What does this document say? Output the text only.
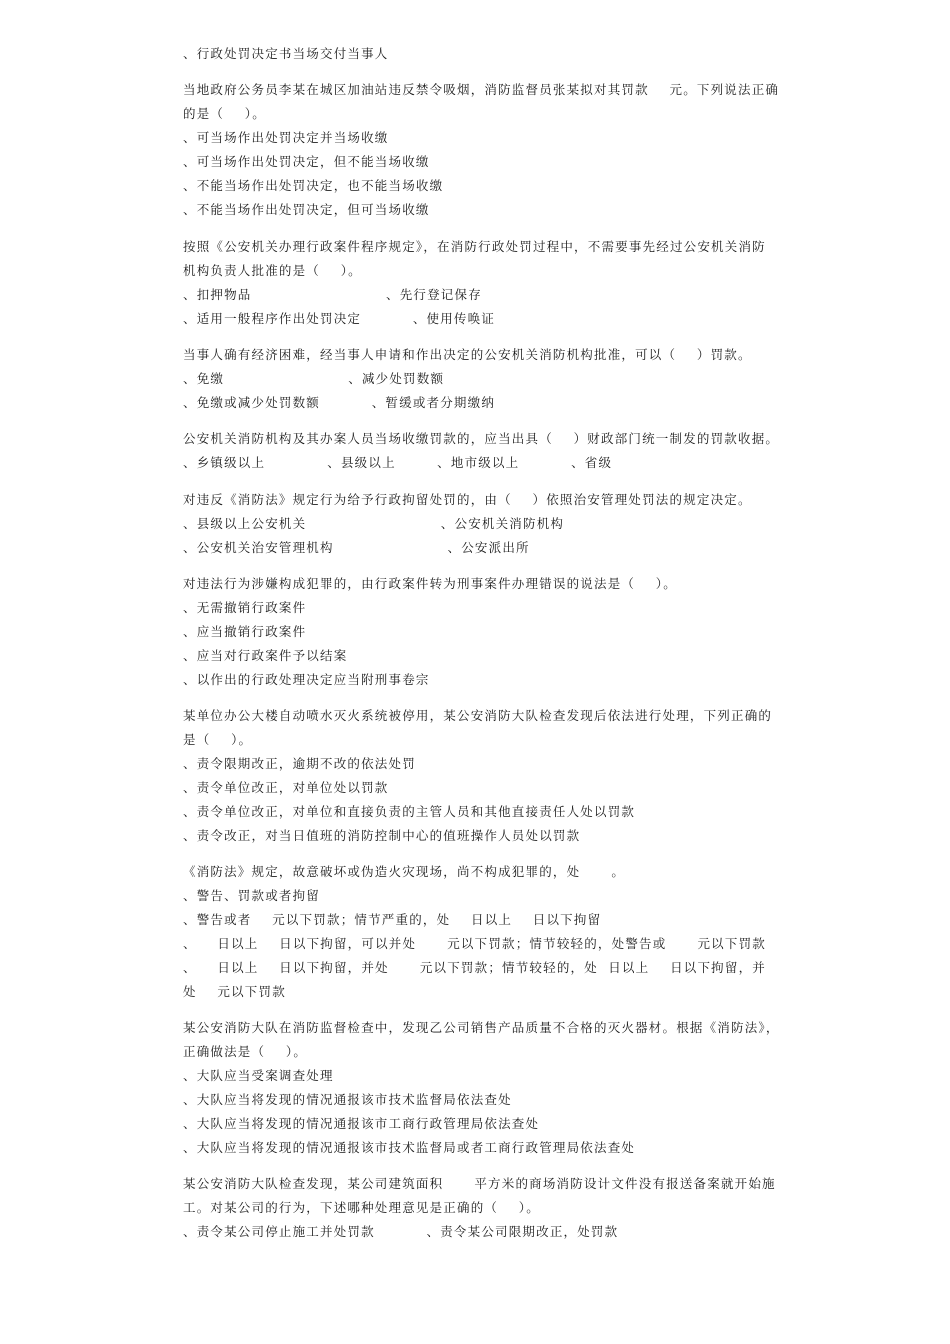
、行政处罚决定书当场交付当事人
当地政府公务员李某在城区加油站违反禁令吸烟，消防监督员张某拟对其罚款    元。下列说法正确
的是（    ）。
、可当场作出处罚决定并当场收缴
、可当场作出处罚决定，但不能当场收缴
、不能当场作出处罚决定，也不能当场收缴
、不能当场作出处罚决定，但可当场收缴
按照《公安机关办理行政案件程序规定》，在消防行政处罚过程中，不需要事先经过公安机关消防
机构负责人批准的是（    ）。
、扣押物品                          、先行登记保存
、适用一般程序作出处罚决定          、使用传唤证
当事人确有经济困难，经当事人申请和作出决定的公安机关消防机构批准，可以（    ）罚款。
、免缴                        、减少处罚数额
、免缴或减少处罚数额          、暂缓或者分期缴纳
公安机关消防机构及其办案人员当场收缴罚款的，应当出具（    ）财政部门统一制发的罚款收据。
、乡镇级以上            、县级以上        、地市级以上          、省级
对违反《消防法》规定行为给予行政拘留处罚的，由（    ）依照治安管理处罚法的规定决定。
、县级以上公安机关                          、公安机关消防机构
、公安机关治安管理机构                      、公安派出所
对违法行为涉嫌构成犯罪的，由行政案件转为刑事案件办理错误的说法是（    ）。
、无需撤销行政案件
、应当撤销行政案件
、应当对行政案件予以结案
、以作出的行政处理决定应当附刑事卷宗
某单位办公大楼自动喷水灭火系统被停用，某公安消防大队检查发现后依法进行处理，下列正确的
是（    ）。
、责令限期改正，逾期不改的依法处罚
、责令单位改正，对单位处以罚款
、责令单位改正，对单位和直接负责的主管人员和其他直接责任人处以罚款
、责令改正，对当日值班的消防控制中心的值班操作人员处以罚款
《消防法》规定，故意破坏或伪造火灾现场，尚不构成犯罪的，处      。
、警告、罚款或者拘留
、警告或者    元以下罚款；情节严重的，处    日以上    日以下拘留
、    日以上    日以下拘留，可以并处      元以下罚款；情节较轻的，处警告或      元以下罚款
、    日以上    日以下拘留，并处      元以下罚款；情节较轻的，处  日以上    日以下拘留，并
处    元以下罚款
某公安消防大队在消防监督检查中，发现乙公司销售产品质量不合格的灭火器材。根据《消防法》，
正确做法是（    ）。
、大队应当受案调查处理
、大队应当将发现的情况通报该市技术监督局依法查处
、大队应当将发现的情况通报该市工商行政管理局依法查处
、大队应当将发现的情况通报该市技术监督局或者工商行政管理局依法查处
某公安消防大队检查发现，某公司建筑面积      平方米的商场消防设计文件没有报送备案就开始施
工。对某公司的行为，下述哪种处理意见是正确的（    ）。
、责令某公司停止施工并处罚款          、责令某公司限期改正，处罚款
